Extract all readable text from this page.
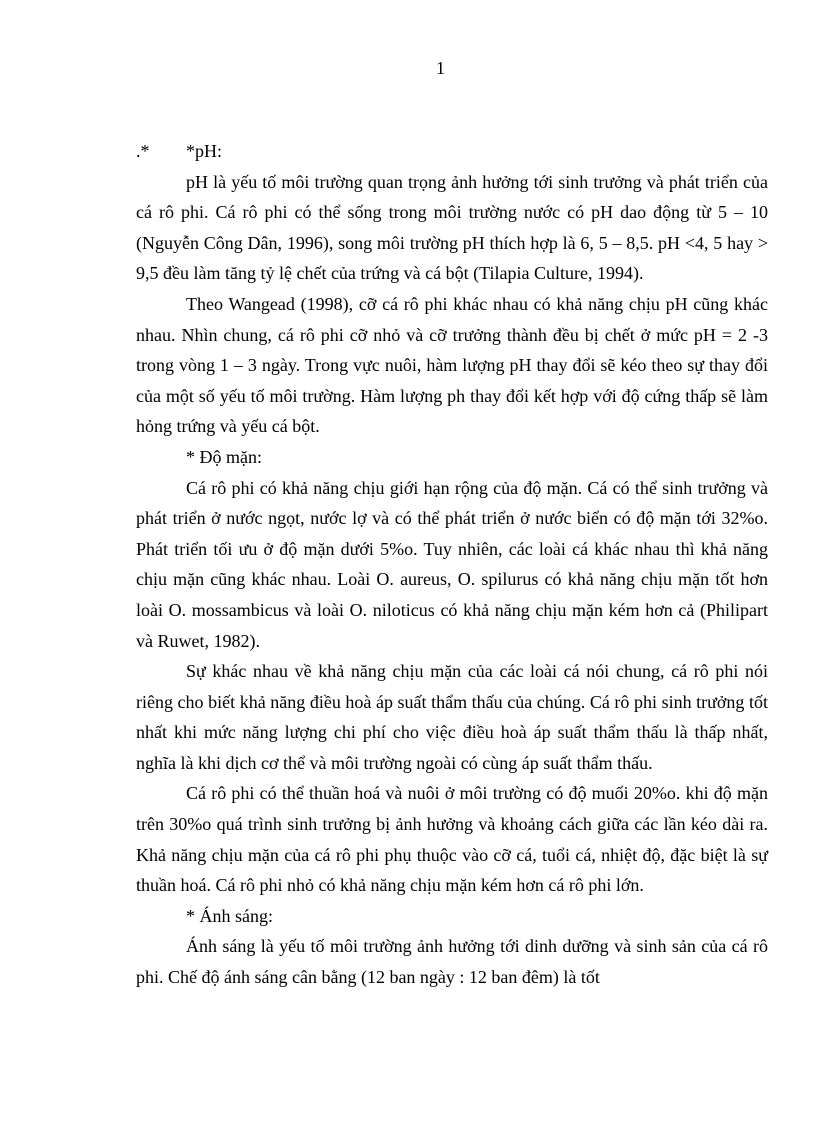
1
.* *pH:

pH là yếu tố môi trường quan trọng ảnh hưởng tới sinh trưởng và phát triển của cá rô phi. Cá rô phi có thể sống trong môi trường nước có pH dao động từ 5 – 10 (Nguyễn Công Dân, 1996), song môi trường pH thích hợp là 6, 5 – 8,5. pH <4, 5 hay > 9,5 đều làm tăng tỷ lệ chết của trứng và cá bột (Tilapia Culture, 1994).

Theo Wangead (1998), cỡ cá rô phi khác nhau có khả năng chịu pH cũng khác nhau. Nhìn chung, cá rô phi cỡ nhỏ và cỡ trưởng thành đều bị chết ở mức pH = 2 -3 trong vòng 1 – 3 ngày. Trong vực nuôi, hàm lượng pH thay đổi sẽ kéo theo sự thay đổi của một số yếu tố môi trường. Hàm lượng ph thay đổi kết hợp với độ cứng thấp sẽ làm hỏng trứng và yếu cá bột.

* Độ mặn:

Cá rô phi có khả năng chịu giới hạn rộng của độ mặn. Cá có thể sinh trưởng và phát triển ở nước ngọt, nước lợ và có thể phát triển ở nước biển có độ mặn tới 32%o. Phát triển tối ưu ở độ mặn dưới 5%o. Tuy nhiên, các loài cá khác nhau thì khả năng chịu mặn cũng khác nhau. Loài O. aureus, O. spilurus có khả năng chịu mặn tốt hơn loài O. mossambicus và loài O. niloticus có khả năng chịu mặn kém hơn cả (Philipart và Ruwet, 1982).

Sự khác nhau về khả năng chịu mặn của các loài cá nói chung, cá rô phi nói riêng cho biết khả năng điều hoà áp suất thẩm thấu của chúng. Cá rô phi sinh trưởng tốt nhất khi mức năng lượng chi phí cho việc điều hoà áp suất thẩm thấu là thấp nhất, nghĩa là khi dịch cơ thể và môi trường ngoài có cùng áp suất thẩm thấu.

Cá rô phi có thể thuần hoá và nuôi ở môi trường có độ muối 20%o. khi độ mặn trên 30%o quá trình sinh trưởng bị ảnh hưởng và khoảng cách giữa các lần kéo dài ra. Khả năng chịu mặn của cá rô phi phụ thuộc vào cỡ cá, tuổi cá, nhiệt độ, đặc biệt là sự thuần hoá. Cá rô phi nhỏ có khả năng chịu mặn kém hơn cá rô phi lớn.

* Ánh sáng:

Ánh sáng là yếu tố môi trường ảnh hưởng tới dinh dưỡng và sinh sản của cá rô phi. Chế độ ánh sáng cân bằng (12 ban ngày : 12 ban đêm) là tốt
